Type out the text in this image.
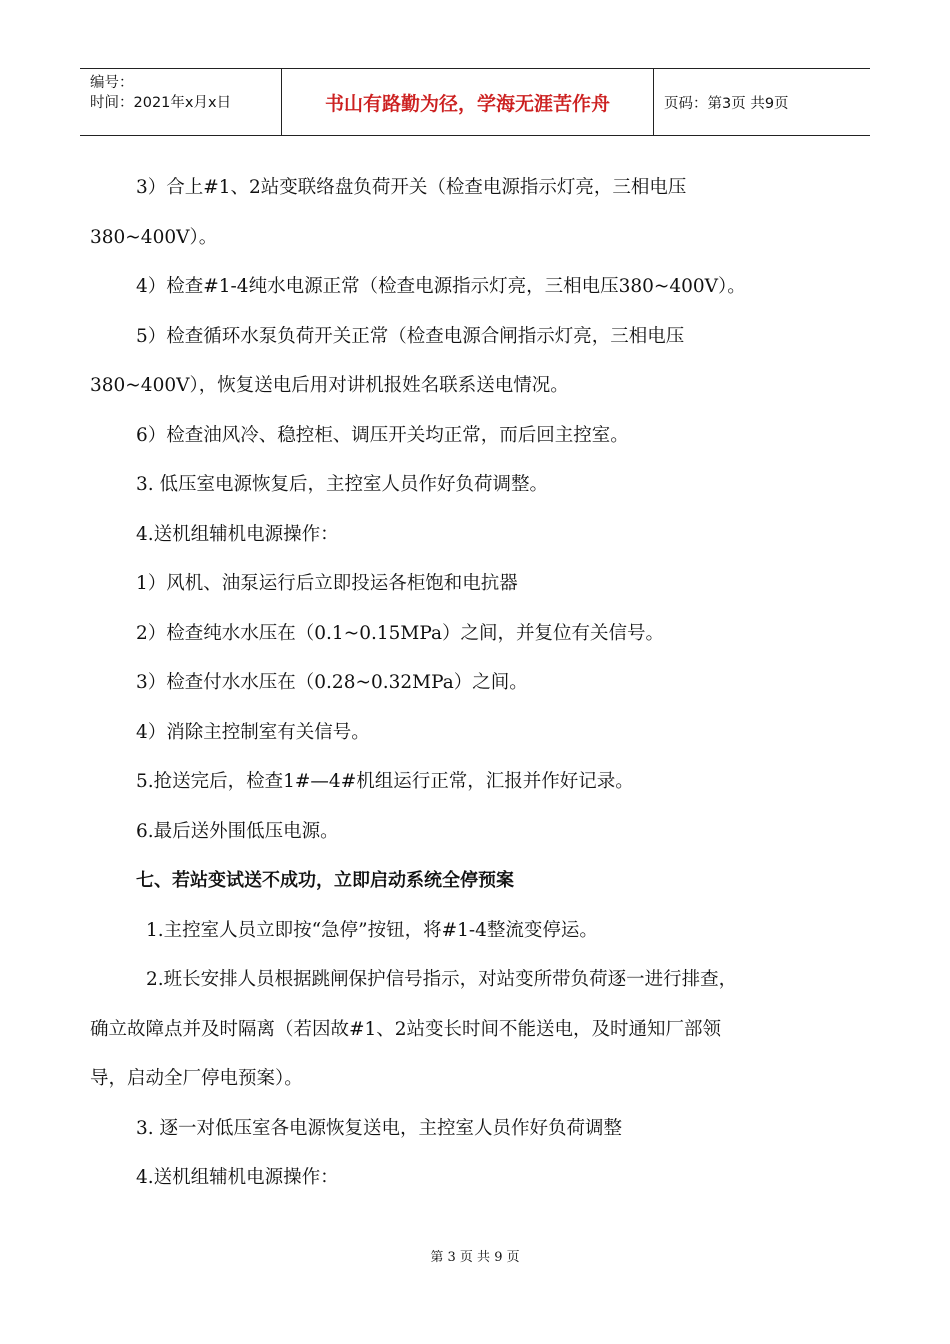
编号：
时间：2021年x月x日	书山有路勤为径，学海无涯苦作舟	页码：第3页 共9页

3）合上#1、2站变联络盘负荷开关（检查电源指示灯亮，三相电压

380~400V）。

4）检查#1-4纯水电源正常（检查电源指示灯亮，三相电压380~400V）。

5）检查循环水泵负荷开关正常（检查电源合闸指示灯亮，三相电压

380~400V），恢复送电后用对讲机报姓名联系送电情况。

6）检查油风冷、稳控柜、调压开关均正常，而后回主控室。

3. 低压室电源恢复后，主控室人员作好负荷调整。

4.送机组辅机电源操作：

1）风机、油泵运行后立即投运各柜饱和电抗器

2）检查纯水水压在（0.1~0.15MPa）之间，并复位有关信号。

3）检查付水水压在（0.28~0.32MPa）之间。

4）消除主控制室有关信号。

5.抢送完后，检查1#—4#机组运行正常，汇报并作好记录。

6.最后送外围低压电源。

七、若站变试送不成功，立即启动系统全停预案

1.主控室人员立即按“急停”按钮，将#1-4整流变停运。

2.班长安排人员根据跳闸保护信号指示，对站变所带负荷逐一进行排查，

确立故障点并及时隔离（若因故#1、2站变长时间不能送电，及时通知厂部领

导，启动全厂停电预案）。

3. 逐一对低压室各电源恢复送电，主控室人员作好负荷调整

4.送机组辅机电源操作：

第 3 页 共 9 页
